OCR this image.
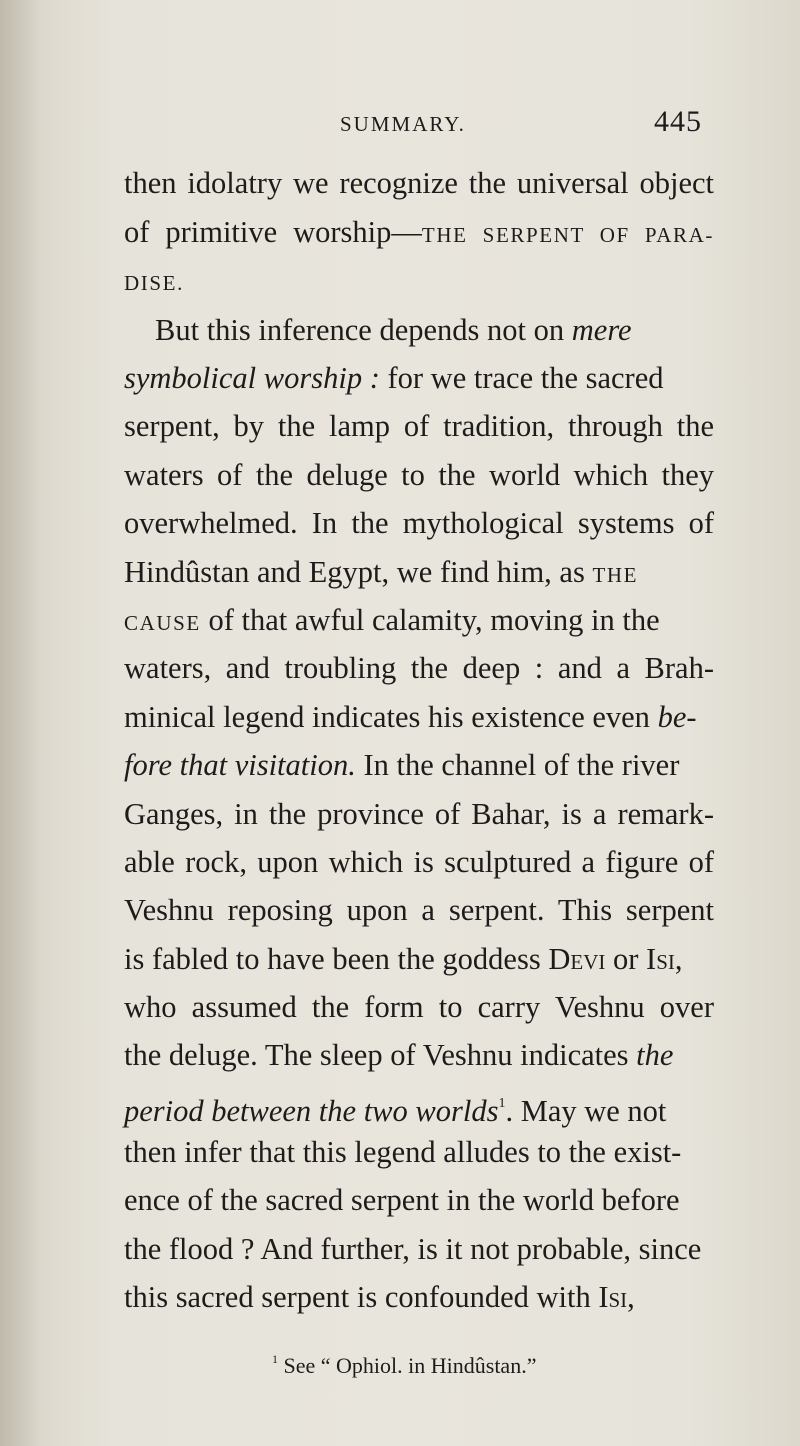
SUMMARY.	445
then idolatry we recognize the universal object
of primitive worship—THE SERPENT OF PARA-
DISE.
But this inference depends not on mere
symbolical worship : for we trace the sacred
serpent, by the lamp of tradition, through the
waters of the deluge to the world which they
overwhelmed. In the mythological systems of
Hindûstan and Egypt, we find him, as THE
CAUSE of that awful calamity, moving in the
waters, and troubling the deep : and a Brah-
minical legend indicates his existence even be-
fore that visitation. In the channel of the river
Ganges, in the province of Bahar, is a remark-
able rock, upon which is sculptured a figure of
Veshnu reposing upon a serpent. This serpent
is fabled to have been the goddess Devi or Isi,
who assumed the form to carry Veshnu over
the deluge. The sleep of Veshnu indicates the
period between the two worlds$^1$. May we not
then infer that this legend alludes to the exist-
ence of the sacred serpent in the world before
the flood ? And further, is it not probable, since
this sacred serpent is confounded with Isi,
$^1$ See “ Ophiol. in Hindûstan.”
